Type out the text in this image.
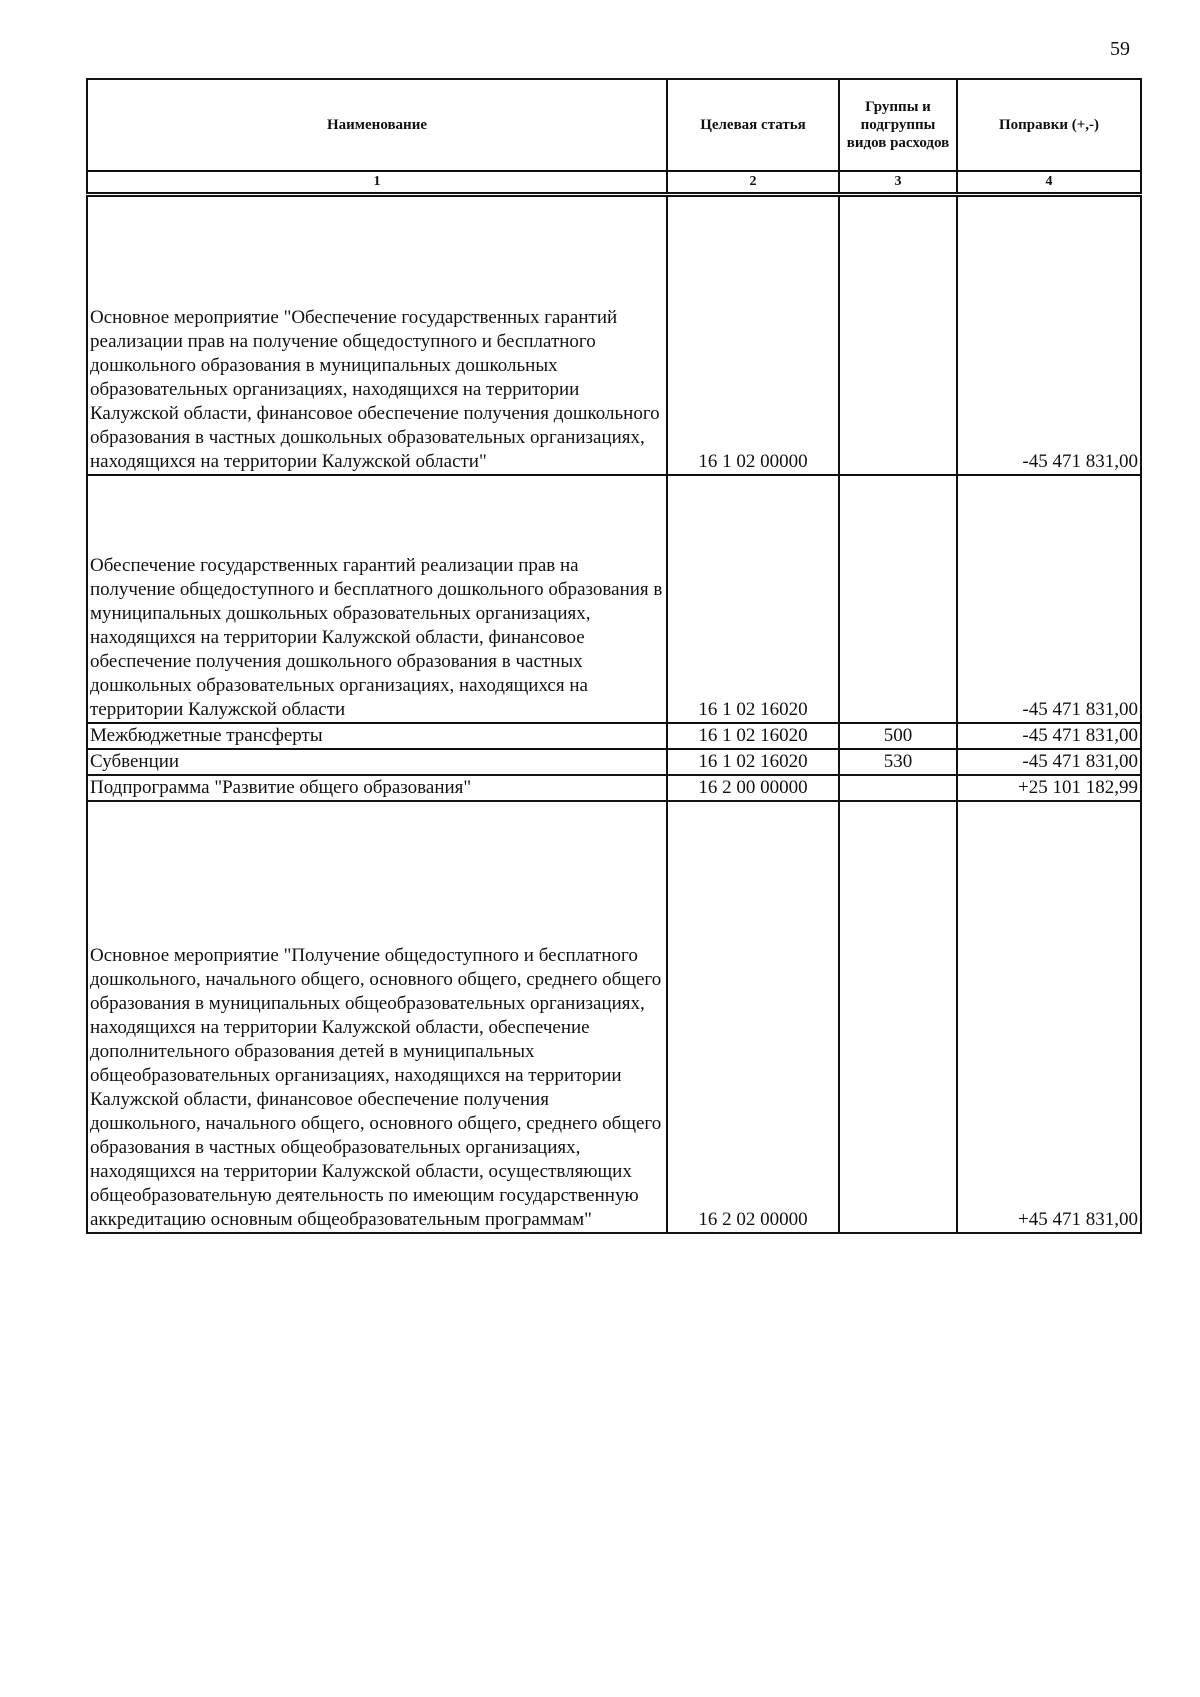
59
Наименование	Целевая статья	Группы и подгруппы видов расходов	Поправки (+,-)
1	2	3	4
Основное мероприятие "Обеспечение государственных гарантий реализации прав на получение общедоступного и бесплатного дошкольного образования в муниципальных дошкольных образовательных организациях, находящихся на территории Калужской области, финансовое обеспечение получения дошкольного образования в частных дошкольных образовательных организациях, находящихся на территории Калужской области"	16 1 02 00000		-45 471 831,00
Обеспечение государственных гарантий реализации прав на получение общедоступного и бесплатного дошкольного образования в муниципальных дошкольных образовательных организациях, находящихся на территории Калужской области, финансовое обеспечение получения дошкольного образования в частных дошкольных образовательных организациях, находящихся на территории Калужской области	16 1 02 16020		-45 471 831,00
Межбюджетные трансферты	16 1 02 16020	500	-45 471 831,00
Субвенции	16 1 02 16020	530	-45 471 831,00
Подпрограмма "Развитие общего образования"	16 2 00 00000		+25 101 182,99
Основное мероприятие "Получение общедоступного и бесплатного дошкольного, начального общего, основного общего, среднего общего образования в муниципальных общеобразовательных организациях, находящихся на территории Калужской области, обеспечение дополнительного образования детей в муниципальных общеобразовательных организациях, находящихся на территории Калужской области, финансовое обеспечение получения дошкольного, начального общего, основного общего, среднего общего образования в частных общеобразовательных организациях, находящихся на территории Калужской области, осуществляющих общеобразовательную деятельность по имеющим государственную аккредитацию основным общеобразовательным программам"	16 2 02 00000		+45 471 831,00
